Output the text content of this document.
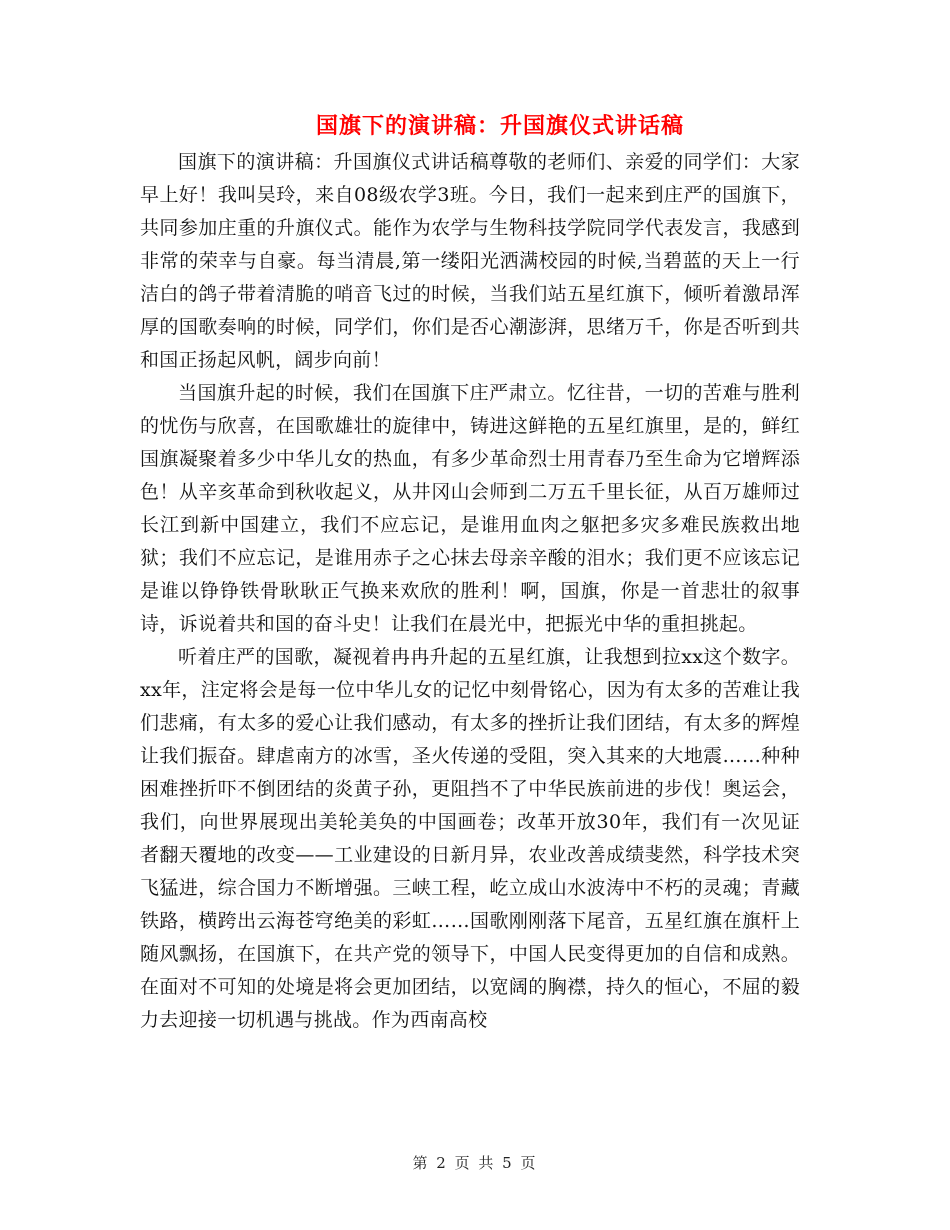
国旗下的演讲稿：升国旗仪式讲话稿

国旗下的演讲稿：升国旗仪式讲话稿尊敬的老师们、亲爱的同学们：大家早上好！我叫吴玲，来自08级农学3班。今日，我们一起来到庄严的国旗下，共同参加庄重的升旗仪式。能作为农学与生物科技学院同学代表发言，我感到非常的荣幸与自豪。每当清晨,第一缕阳光洒满校园的时候,当碧蓝的天上一行洁白的鸽子带着清脆的哨音飞过的时候，当我们站五星红旗下，倾听着激昂浑厚的国歌奏响的时候，同学们，你们是否心潮澎湃，思绪万千，你是否听到共和国正扬起风帆，阔步向前！

当国旗升起的时候，我们在国旗下庄严肃立。忆往昔，一切的苦难与胜利的忧伤与欣喜，在国歌雄壮的旋律中，铸进这鲜艳的五星红旗里，是的，鲜红国旗凝聚着多少中华儿女的热血，有多少革命烈士用青春乃至生命为它增辉添色！从辛亥革命到秋收起义，从井冈山会师到二万五千里长征，从百万雄师过长江到新中国建立，我们不应忘记，是谁用血肉之躯把多灾多难民族救出地狱；我们不应忘记，是谁用赤子之心抹去母亲辛酸的泪水；我们更不应该忘记是谁以铮铮铁骨耿耿正气换来欢欣的胜利！啊，国旗，你是一首悲壮的叙事诗，诉说着共和国的奋斗史！让我们在晨光中，把振光中华的重担挑起。

听着庄严的国歌，凝视着冉冉升起的五星红旗，让我想到拉xx这个数字。xx年，注定将会是每一位中华儿女的记忆中刻骨铭心，因为有太多的苦难让我们悲痛，有太多的爱心让我们感动，有太多的挫折让我们团结，有太多的辉煌让我们振奋。肆虐南方的冰雪，圣火传递的受阻，突入其来的大地震……种种困难挫折吓不倒团结的炎黄子孙，更阻挡不了中华民族前进的步伐！奥运会，我们，向世界展现出美轮美奂的中国画卷；改革开放30年，我们有一次见证者翻天覆地的改变——工业建设的日新月异，农业改善成绩斐然，科学技术突飞猛进，综合国力不断增强。三峡工程，屹立成山水波涛中不朽的灵魂；青藏铁路，横跨出云海苍穹绝美的彩虹……国歌刚刚落下尾音，五星红旗在旗杆上随风飘扬，在国旗下，在共产党的领导下，中国人民变得更加的自信和成熟。在面对不可知的处境是将会更加团结，以宽阔的胸襟，持久的恒心，不屈的毅力去迎接一切机遇与挑战。作为西南高校

第 2 页 共 5 页
